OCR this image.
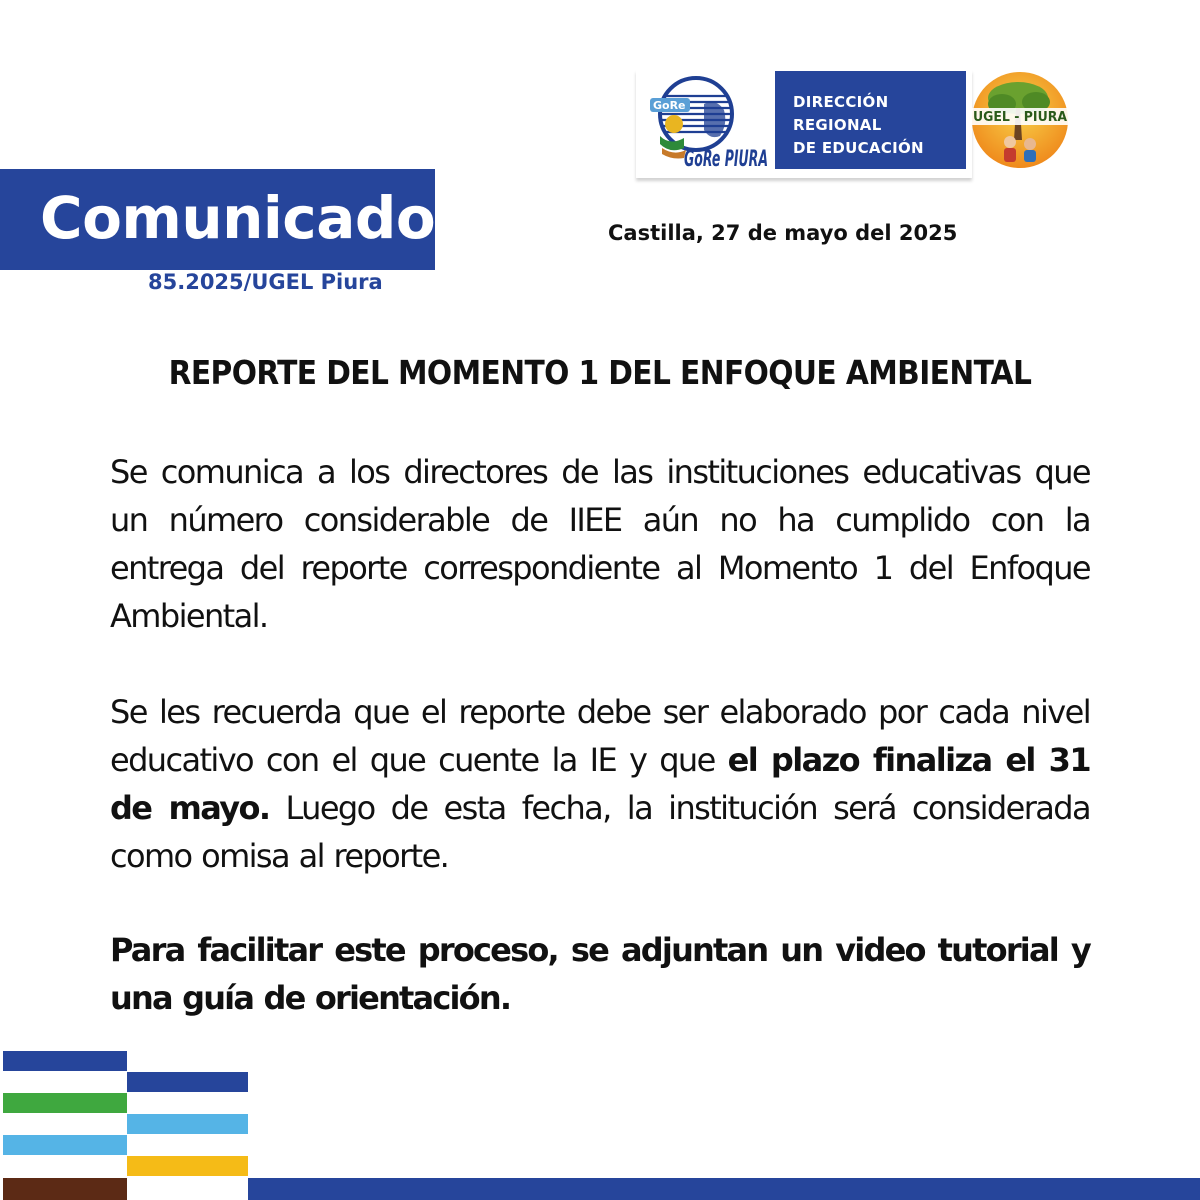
GoRe
GoRe PIURA
DIRECCIÓN
REGIONAL
DE EDUCACIÓN
UGEL - PIURA
Comunicado
85.2025/UGEL Piura
Castilla, 27 de mayo del 2025
REPORTE DEL MOMENTO 1 DEL ENFOQUE AMBIENTAL

Se comunica a los directores de las instituciones educativas que un número considerable de IIEE aún no ha cumplido con la entrega del reporte correspondiente al Momento 1 del Enfoque Ambiental.

Se les recuerda que el reporte debe ser elaborado por cada nivel educativo con el que cuente la IE y que el plazo finaliza el 31 de mayo. Luego de esta fecha, la institución será considerada como omisa al reporte.

Para facilitar este proceso, se adjuntan un video tutorial y una guía de orientación.
